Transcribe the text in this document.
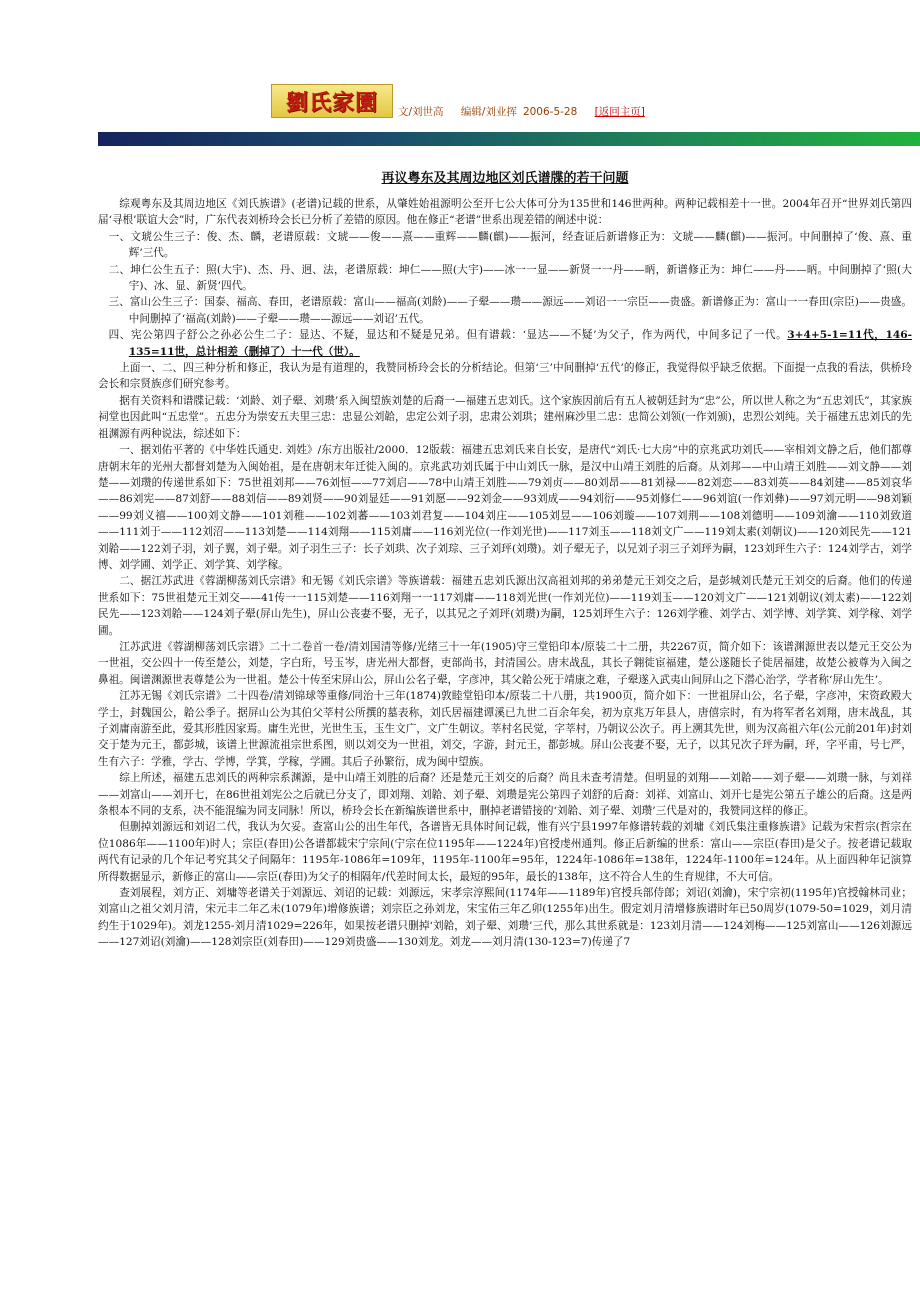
劉氏家園	文/刘世高 编辑/刘业挥 2006-5-28 [返回主页]
再议粤东及其周边地区刘氏谱牒的若干问题

综观粤东及其周边地区《刘氏族谱》(老谱)记载的世系，从肇姓始祖源明公至开七公大体可分为135世和146世两种。两种记载相差十一世。2004年召开“世界刘氏第四届‘寻根’联谊大会”时，广东代表刘桥玲会长已分析了差错的原因。他在修正“老谱”世系出现差错的阐述中说：

一、文琥公生三子：俊、杰、麟，老谱原载：文琥——俊——熹——重辉——麟(麒)——振河，经查证后新谱修正为：文琥——麟(麒)——振河。中间删掉了‘俊、熹、重辉’三代。

二、坤仁公生五子：照(大宇)、杰、丹、迥、法，老谱原载：坤仁——照(大宇)——冰一一显——新贤一一丹——昞，新谱修正为：坤仁——丹——昞。中间删掉了‘照(大宇)、冰、显、新贤’四代。

三、富山公生三子：国泰、福高、春田，老谱原载：富山——福高(刘龄)——子翚——瓒——源远——刘诏一一宗臣——贵盛。新谱修正为：富山一一春田(宗臣)——贵盛。中间删掉了‘福高(刘龄)——子翚——瓒——源远——刘诏’五代。

四、宪公第四子舒公之孙必公生二子：显达、不疑，显达和不疑是兄弟。但有谱载：‘显达——不疑’为父子，作为两代，中间多记了一代。3+4+5-1=11代，146-135=11世，总计相差（删掉了）十一代（世）。

上面一、二、四三种分析和修正，我认为是有道理的，我赞同桥玲会长的分析结论。但第‘三’中间删掉‘五代’的修正，我觉得似乎缺乏依据。下面提一点我的看法，供桥玲会长和宗贤族彦们研究参考。

据有关资料和谱牒记载：‘刘龄、刘子翚、刘瓒’系入闽望族刘楚的后裔一—福建五忠刘氏。这个家族因前后有五人被朝廷封为“忠”公，所以世人称之为“五忠刘氏”，其家族祠堂也因此叫“五忠堂”。五忠分为崇安五夫里三忠：忠显公刘韐，忠定公刘子羽，忠肃公刘珙；建州麻沙里二忠：忠简公刘领(一作刘颁)，忠烈公刘纯。关于福建五忠刘氏的先祖渊源有两种说法，综述如下：

一、据刘佑平著的《中华姓氏通史. 刘姓》/东方出版社/2000．12版载：福建五忠刘氏来自长安，是唐代“刘氏·七大房”中的京兆武功刘氏——宰相刘文静之后，他们都尊唐朝末年的光州大都督刘楚为入闽始祖，是在唐朝末年迁徙入闽的。京兆武功刘氏属于中山刘氏一脉，是汉中山靖王刘胜的后裔。从刘邦——中山靖王刘胜——刘文静——刘楚——刘瓒的传递世系如下：75世祖刘邦——76刘恒——77刘启——78中山靖王刘胜——79刘贞——80刘昂——81刘禄——82刘恋——83刘英——84刘建——85刘哀华——86刘宪——87刘舒——88刘信——89刘贤——90刘显廷——91刘愿——92刘金——93刘成——94刘衍——95刘修仁——96刘谊(一作刘彝)——97刘元明——98刘颖——99刘义禧——100刘文静——101刘稚——102刘蕃——103刘君复——104刘庄——105刘昱——106刘璇——107刘荆——108刘德明——109刘瀹——110刘致道——111刘于——112刘沼——113刘楚——114刘翔——115刘庸——116刘光位(一作刘光世)——117刘玉——118刘文广——119刘太素(刘朝议)——120刘民先——121刘韐——122刘子羽，刘子翼，刘子翚。刘子羽生三子：长子刘珙、次子刘琮、三子刘玶(刘瓒)。刘子翚无子，以兄刘子羽三子刘玶为嗣，123刘玶生六子：124刘学古，刘学博、刘学圃、刘学正、刘学箕、刘学稼。

二、据江苏武进《蓉湖柳荡刘氏宗谱》和无锡《刘氏宗谱》等族谱载：福建五忠刘氏源出汉高祖刘邦的弟弟楚元王刘交之后，是彭城刘氏楚元王刘交的后裔。他们的传递世系如下：75世祖楚元王刘交——41传一一115刘楚——116刘翔一一117刘庸——118刘光世(一作刘光位)——119刘玉——120刘文广——121刘朝议(刘太素)——122刘民先——123刘韐——124刘子翚(屏山先生)，屏山公丧妻不娶，无子，以其兄之子刘玶(刘瓒)为嗣，125刘玶生六子：126刘学雅、刘学古、刘学博、刘学箕、刘学稼、刘学圃。

江苏武进《蓉湖柳荡刘氏宗谱》二十二卷首一卷/清刘国清等修/光绪三十一年(1905)守三堂铅印本/原装二十二册，共2267页，简介如下：该谱渊源世表以楚元王交公为一世祖，交公四十一传至楚公，刘楚，字白珩，号玉岑，唐光州大都督，吏部尚书，封清国公。唐末战乱，其长子翱徙宦福建，楚公遂随长子徙居福建，故楚公被尊为入闽之鼻祖。闽谱渊源世表尊楚公为一世祖。楚公十传至宋屏山公，屏山公名子翚，字彦冲，其父韐公死于靖康之难，子翚遂入武夷山间屏山之下潜心治学，学者称‘屏山先生’。

江苏无锡《刘氏宗谱》二十四卷/清刘锦球等重修/同治十三年(1874)敦睦堂铅印本/原装二十八册，共1900页，简介如下：一世祖屏山公，名子翚，字彦冲，宋资政殿大学士，封魏国公，韐公季子。据屏山公为其伯父莘村公所撰的墓表称，刘氏居福建谭溪已九世二百余年矣，初为京兆万年县人，唐僖宗时，有为将军者名刘翔，唐末战乱，其子刘庸南游至此，爱其形胜因家焉。庸生光世，光世生玉，玉生文广，文广生朝议。莘村名民觉，字莘村，乃朝议公次子。再上溯其先世，则为汉高祖六年(公元前201年)封刘交于楚为元王，都彭城，该谱上世源流祖宗世系图，则以刘交为一世祖，刘交，字游，封元王，都彭城。屏山公丧妻不娶，无子，以其兄次子玶为嗣，玶，字平甫，号七严，生有六子：学雅，学古、学博，学箕，学稼，学圃。其后子孙繁衍，成为闽中望族。

综上所述，福建五忠刘氏的两种宗系渊源，是中山靖王刘胜的后裔？还是楚元王刘交的后裔？尚且未查考清楚。但明显的刘翔——刘韐——刘子翚——刘瓒一脉，与刘祥——刘富山——刘开七，在86世祖刘宪公之后就已分支了，即刘翔、刘韐、刘子翚、刘瓒是宪公第四子刘舒的后裔：刘祥、刘富山、刘开七是宪公第五子雄公的后裔。这是两条根本不同的支系，决不能混编为同支同脉！所以，桥玲会长在新编族谱世系中，删掉老谱错接的‘刘韐、刘子翚、刘瓒’三代是对的，我赞同这样的修正。

但删掉刘源远和刘诏二代，我认为欠妥。查富山公的出生年代，各谱皆无具体时间记载，惟有兴宁县1997年修谱转载的刘墉《刘氏集注重修族谱》记载为宋哲宗(哲宗在位1086年——1100年)时人；宗臣(春田)公各谱都载宋宁宗间(宁宗在位1195年——1224年)官授虔州通判。修正后新编的世系：富山——宗臣(春田)是父子。按老谱记载取两代有记录的几个年记考究其父子间隔年：1195年-1086年=109年，1195年-1100年=95年，1224年-1086年=138年，1224年-1100年=124年。从上面四种年记演算所得数据显示，新修正的富山——宗臣(春田)为父子的相隔年/代差时间太长，最短的95年，最长的138年，这不符合人生的生育规律，不大可信。

查刘展程，刘方正、刘墉等老谱关于刘源远、刘诏的记载：刘源远，宋孝宗淳熙间(1174年——1189年)官授兵部侍郎；刘诏(刘瀹)，宋宁宗初(1195年)官授翰林司业；刘富山之祖父刘月清，宋元丰二年乙未(1079年)增修族谱；刘宗臣之孙刘龙，宋宝佑三年乙卯(1255年)出生。假定刘月清增修族谱时年已50周岁(1079-50=1029，刘月清约生于1029年)。刘龙1255-刘月清1029=226年，如果按老谱只删掉‘刘韐，刘子翚、刘瓒’三代，那么其世系就是：123刘月清——124刘梅——125刘富山——126刘源远——127刘诏(刘瀹)——128刘宗臣(刘春田)——129刘贵盛——130刘龙。刘龙——刘月清(130-123=7)传递了7
